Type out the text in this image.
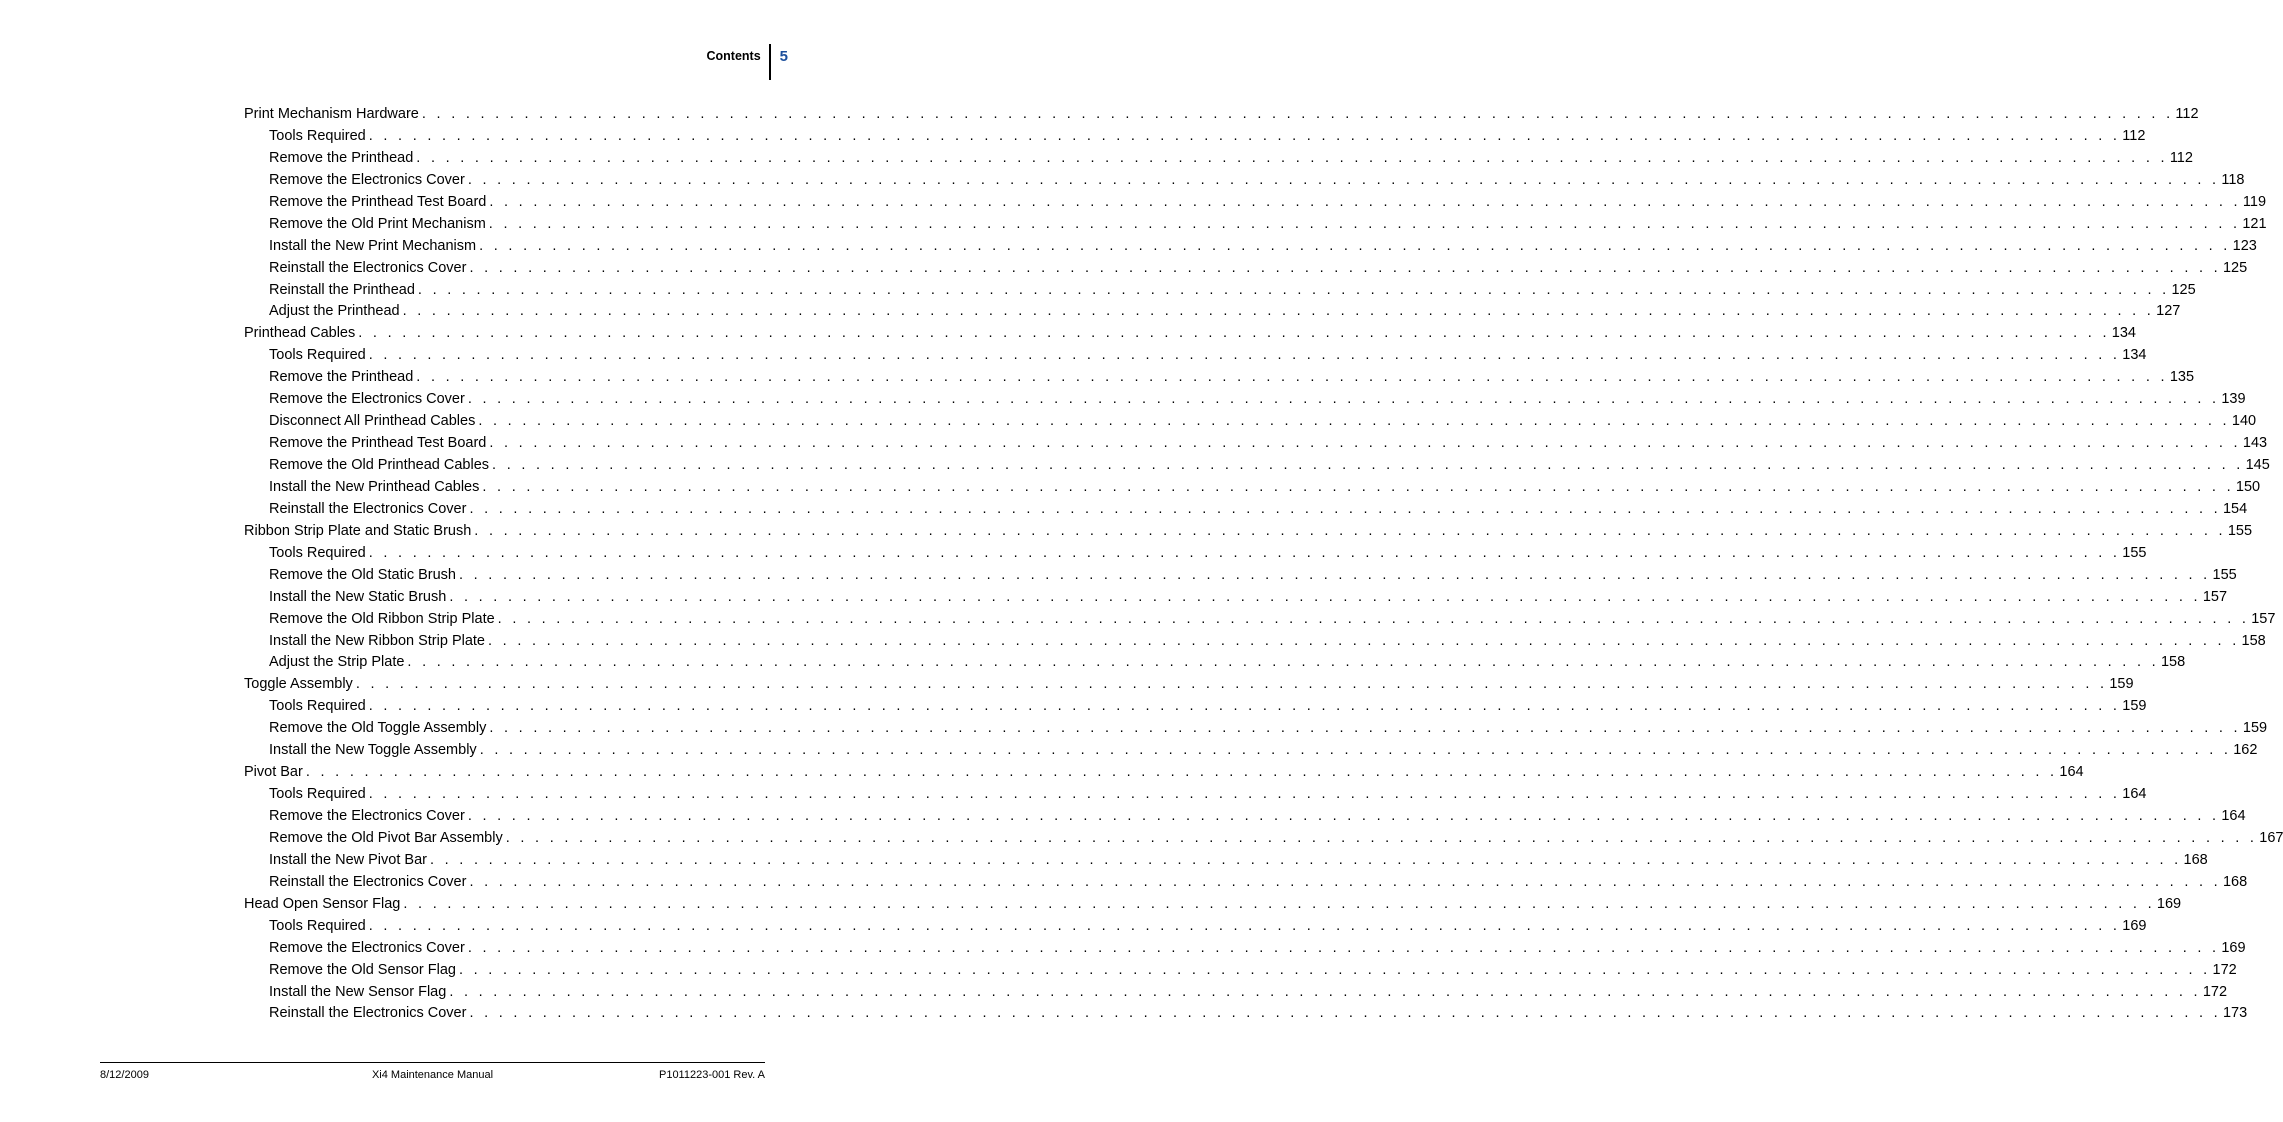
Contents 5
Print Mechanism Hardware . . . . . . . . . . . . . . . . . . . . . . . . . . . . . . . . . . . . . . . . . . . . . . . . . . . . . . . . . . . . . . . . . . . . . . . . . . . . . . . . . . . . . . . . . . . . . . . . . . . . . . . . . . . . . . . . . . . . . . . . 112
Tools Required . . . . . . . . . . . . . . . . . . . . . . . . . . . . . . . . . . . . . . . . . . . . . . . . . . . . . . . . . . . . . . . . . . . . . . . . . . . . . . . . . . . . . . . . . . . . . . . . . . . . . . . . . . . . . . . . . . . . . . . . 112
Remove the Printhead . . . . . . . . . . . . . . . . . . . . . . . . . . . . . . . . . . . . . . . . . . . . . . . . . . . . . . . . . . . . . . . . . . . . . . . . . . . . . . . . . . . . . . . . . . . . . . . . . . . . . . . . . . . . . . . . . . . . . . . . 112
Remove the Electronics Cover . . . . . . . . . . . . . . . . . . . . . . . . . . . . . . . . . . . . . . . . . . . . . . . . . . . . . . . . . . . . . . . . . . . . . . . . . . . . . . . . . . . . . . . . . . . . . . . . . . . . . . . . . . . . . . . . . . . . . . . . 118
Remove the Printhead Test Board . . . . . . . . . . . . . . . . . . . . . . . . . . . . . . . . . . . . . . . . . . . . . . . . . . . . . . . . . . . . . . . . . . . . . . . . . . . . . . . . . . . . . . . . . . . . . . . . . . . . . . . . . . . . . . . . . . . . . . . . 119
Remove the Old Print Mechanism . . . . . . . . . . . . . . . . . . . . . . . . . . . . . . . . . . . . . . . . . . . . . . . . . . . . . . . . . . . . . . . . . . . . . . . . . . . . . . . . . . . . . . . . . . . . . . . . . . . . . . . . . . . . . . . . . . . . . . . . 121
Install the New Print Mechanism . . . . . . . . . . . . . . . . . . . . . . . . . . . . . . . . . . . . . . . . . . . . . . . . . . . . . . . . . . . . . . . . . . . . . . . . . . . . . . . . . . . . . . . . . . . . . . . . . . . . . . . . . . . . . . . . . . . . . . . . 123
Reinstall the Electronics Cover . . . . . . . . . . . . . . . . . . . . . . . . . . . . . . . . . . . . . . . . . . . . . . . . . . . . . . . . . . . . . . . . . . . . . . . . . . . . . . . . . . . . . . . . . . . . . . . . . . . . . . . . . . . . . . . . . . . . . . . . 125
Reinstall the Printhead . . . . . . . . . . . . . . . . . . . . . . . . . . . . . . . . . . . . . . . . . . . . . . . . . . . . . . . . . . . . . . . . . . . . . . . . . . . . . . . . . . . . . . . . . . . . . . . . . . . . . . . . . . . . . . . . . . . . . . . . 125
Adjust the Printhead . . . . . . . . . . . . . . . . . . . . . . . . . . . . . . . . . . . . . . . . . . . . . . . . . . . . . . . . . . . . . . . . . . . . . . . . . . . . . . . . . . . . . . . . . . . . . . . . . . . . . . . . . . . . . . . . . . . . . . . . 127
Printhead Cables . . . . . . . . . . . . . . . . . . . . . . . . . . . . . . . . . . . . . . . . . . . . . . . . . . . . . . . . . . . . . . . . . . . . . . . . . . . . . . . . . . . . . . . . . . . . . . . . . . . . . . . . . . . . . . . . . . . . . . . . 134
Tools Required . . . . . . . . . . . . . . . . . . . . . . . . . . . . . . . . . . . . . . . . . . . . . . . . . . . . . . . . . . . . . . . . . . . . . . . . . . . . . . . . . . . . . . . . . . . . . . . . . . . . . . . . . . . . . . . . . . . . . . . . 134
Remove the Printhead . . . . . . . . . . . . . . . . . . . . . . . . . . . . . . . . . . . . . . . . . . . . . . . . . . . . . . . . . . . . . . . . . . . . . . . . . . . . . . . . . . . . . . . . . . . . . . . . . . . . . . . . . . . . . . . . . . . . . . . . 135
Remove the Electronics Cover . . . . . . . . . . . . . . . . . . . . . . . . . . . . . . . . . . . . . . . . . . . . . . . . . . . . . . . . . . . . . . . . . . . . . . . . . . . . . . . . . . . . . . . . . . . . . . . . . . . . . . . . . . . . . . . . . . . . . . . . 139
Disconnect All Printhead Cables . . . . . . . . . . . . . . . . . . . . . . . . . . . . . . . . . . . . . . . . . . . . . . . . . . . . . . . . . . . . . . . . . . . . . . . . . . . . . . . . . . . . . . . . . . . . . . . . . . . . . . . . . . . . . . . . . . . . . . . . 140
Remove the Printhead Test Board . . . . . . . . . . . . . . . . . . . . . . . . . . . . . . . . . . . . . . . . . . . . . . . . . . . . . . . . . . . . . . . . . . . . . . . . . . . . . . . . . . . . . . . . . . . . . . . . . . . . . . . . . . . . . . . . . . . . . . . . 143
Remove the Old Printhead Cables . . . . . . . . . . . . . . . . . . . . . . . . . . . . . . . . . . . . . . . . . . . . . . . . . . . . . . . . . . . . . . . . . . . . . . . . . . . . . . . . . . . . . . . . . . . . . . . . . . . . . . . . . . . . . . . . . . . . . . . . 145
Install the New Printhead Cables . . . . . . . . . . . . . . . . . . . . . . . . . . . . . . . . . . . . . . . . . . . . . . . . . . . . . . . . . . . . . . . . . . . . . . . . . . . . . . . . . . . . . . . . . . . . . . . . . . . . . . . . . . . . . . . . . . . . . . . . 150
Reinstall the Electronics Cover . . . . . . . . . . . . . . . . . . . . . . . . . . . . . . . . . . . . . . . . . . . . . . . . . . . . . . . . . . . . . . . . . . . . . . . . . . . . . . . . . . . . . . . . . . . . . . . . . . . . . . . . . . . . . . . . . . . . . . . . 154
Ribbon Strip Plate and Static Brush . . . . . . . . . . . . . . . . . . . . . . . . . . . . . . . . . . . . . . . . . . . . . . . . . . . . . . . . . . . . . . . . . . . . . . . . . . . . . . . . . . . . . . . . . . . . . . . . . . . . . . . . . . . . . . . . . . . . . . . . 155
Tools Required . . . . . . . . . . . . . . . . . . . . . . . . . . . . . . . . . . . . . . . . . . . . . . . . . . . . . . . . . . . . . . . . . . . . . . . . . . . . . . . . . . . . . . . . . . . . . . . . . . . . . . . . . . . . . . . . . . . . . . . . 155
Remove the Old Static Brush . . . . . . . . . . . . . . . . . . . . . . . . . . . . . . . . . . . . . . . . . . . . . . . . . . . . . . . . . . . . . . . . . . . . . . . . . . . . . . . . . . . . . . . . . . . . . . . . . . . . . . . . . . . . . . . . . . . . . . . . 155
Install the New Static Brush . . . . . . . . . . . . . . . . . . . . . . . . . . . . . . . . . . . . . . . . . . . . . . . . . . . . . . . . . . . . . . . . . . . . . . . . . . . . . . . . . . . . . . . . . . . . . . . . . . . . . . . . . . . . . . . . . . . . . . . . 157
Remove the Old Ribbon Strip Plate . . . . . . . . . . . . . . . . . . . . . . . . . . . . . . . . . . . . . . . . . . . . . . . . . . . . . . . . . . . . . . . . . . . . . . . . . . . . . . . . . . . . . . . . . . . . . . . . . . . . . . . . . . . . . . . . . . . . . . . . 157
Install the New Ribbon Strip Plate . . . . . . . . . . . . . . . . . . . . . . . . . . . . . . . . . . . . . . . . . . . . . . . . . . . . . . . . . . . . . . . . . . . . . . . . . . . . . . . . . . . . . . . . . . . . . . . . . . . . . . . . . . . . . . . . . . . . . . . . 158
Adjust the Strip Plate . . . . . . . . . . . . . . . . . . . . . . . . . . . . . . . . . . . . . . . . . . . . . . . . . . . . . . . . . . . . . . . . . . . . . . . . . . . . . . . . . . . . . . . . . . . . . . . . . . . . . . . . . . . . . . . . . . . . . . . . 158
Toggle Assembly . . . . . . . . . . . . . . . . . . . . . . . . . . . . . . . . . . . . . . . . . . . . . . . . . . . . . . . . . . . . . . . . . . . . . . . . . . . . . . . . . . . . . . . . . . . . . . . . . . . . . . . . . . . . . . . . . . . . . . . . 159
Tools Required . . . . . . . . . . . . . . . . . . . . . . . . . . . . . . . . . . . . . . . . . . . . . . . . . . . . . . . . . . . . . . . . . . . . . . . . . . . . . . . . . . . . . . . . . . . . . . . . . . . . . . . . . . . . . . . . . . . . . . . . 159
Remove the Old Toggle Assembly . . . . . . . . . . . . . . . . . . . . . . . . . . . . . . . . . . . . . . . . . . . . . . . . . . . . . . . . . . . . . . . . . . . . . . . . . . . . . . . . . . . . . . . . . . . . . . . . . . . . . . . . . . . . . . . . . . . . . . . . 159
Install the New Toggle Assembly . . . . . . . . . . . . . . . . . . . . . . . . . . . . . . . . . . . . . . . . . . . . . . . . . . . . . . . . . . . . . . . . . . . . . . . . . . . . . . . . . . . . . . . . . . . . . . . . . . . . . . . . . . . . . . . . . . . . . . . . 162
Pivot Bar . . . . . . . . . . . . . . . . . . . . . . . . . . . . . . . . . . . . . . . . . . . . . . . . . . . . . . . . . . . . . . . . . . . . . . . . . . . . . . . . . . . . . . . . . . . . . . . . . . . . . . . . . . . . . . . . . . . . . . . . 164
Tools Required . . . . . . . . . . . . . . . . . . . . . . . . . . . . . . . . . . . . . . . . . . . . . . . . . . . . . . . . . . . . . . . . . . . . . . . . . . . . . . . . . . . . . . . . . . . . . . . . . . . . . . . . . . . . . . . . . . . . . . . . 164
Remove the Electronics Cover . . . . . . . . . . . . . . . . . . . . . . . . . . . . . . . . . . . . . . . . . . . . . . . . . . . . . . . . . . . . . . . . . . . . . . . . . . . . . . . . . . . . . . . . . . . . . . . . . . . . . . . . . . . . . . . . . . . . . . . . 164
Remove the Old Pivot Bar Assembly . . . . . . . . . . . . . . . . . . . . . . . . . . . . . . . . . . . . . . . . . . . . . . . . . . . . . . . . . . . . . . . . . . . . . . . . . . . . . . . . . . . . . . . . . . . . . . . . . . . . . . . . . . . . . . . . . . . . . . . . 167
Install the New Pivot Bar . . . . . . . . . . . . . . . . . . . . . . . . . . . . . . . . . . . . . . . . . . . . . . . . . . . . . . . . . . . . . . . . . . . . . . . . . . . . . . . . . . . . . . . . . . . . . . . . . . . . . . . . . . . . . . . . . . . . . . . . 168
Reinstall the Electronics Cover . . . . . . . . . . . . . . . . . . . . . . . . . . . . . . . . . . . . . . . . . . . . . . . . . . . . . . . . . . . . . . . . . . . . . . . . . . . . . . . . . . . . . . . . . . . . . . . . . . . . . . . . . . . . . . . . . . . . . . . . 168
Head Open Sensor Flag . . . . . . . . . . . . . . . . . . . . . . . . . . . . . . . . . . . . . . . . . . . . . . . . . . . . . . . . . . . . . . . . . . . . . . . . . . . . . . . . . . . . . . . . . . . . . . . . . . . . . . . . . . . . . . . . . . . . . . . . 169
Tools Required . . . . . . . . . . . . . . . . . . . . . . . . . . . . . . . . . . . . . . . . . . . . . . . . . . . . . . . . . . . . . . . . . . . . . . . . . . . . . . . . . . . . . . . . . . . . . . . . . . . . . . . . . . . . . . . . . . . . . . . . 169
Remove the Electronics Cover . . . . . . . . . . . . . . . . . . . . . . . . . . . . . . . . . . . . . . . . . . . . . . . . . . . . . . . . . . . . . . . . . . . . . . . . . . . . . . . . . . . . . . . . . . . . . . . . . . . . . . . . . . . . . . . . . . . . . . . . 169
Remove the Old Sensor Flag . . . . . . . . . . . . . . . . . . . . . . . . . . . . . . . . . . . . . . . . . . . . . . . . . . . . . . . . . . . . . . . . . . . . . . . . . . . . . . . . . . . . . . . . . . . . . . . . . . . . . . . . . . . . . . . . . . . . . . . . 172
Install the New Sensor Flag . . . . . . . . . . . . . . . . . . . . . . . . . . . . . . . . . . . . . . . . . . . . . . . . . . . . . . . . . . . . . . . . . . . . . . . . . . . . . . . . . . . . . . . . . . . . . . . . . . . . . . . . . . . . . . . . . . . . . . . . 172
Reinstall the Electronics Cover . . . . . . . . . . . . . . . . . . . . . . . . . . . . . . . . . . . . . . . . . . . . . . . . . . . . . . . . . . . . . . . . . . . . . . . . . . . . . . . . . . . . . . . . . . . . . . . . . . . . . . . . . . . . . . . . . . . . . . . . 173
8/12/2009	Xi4 Maintenance Manual	P1011223-001 Rev. A
